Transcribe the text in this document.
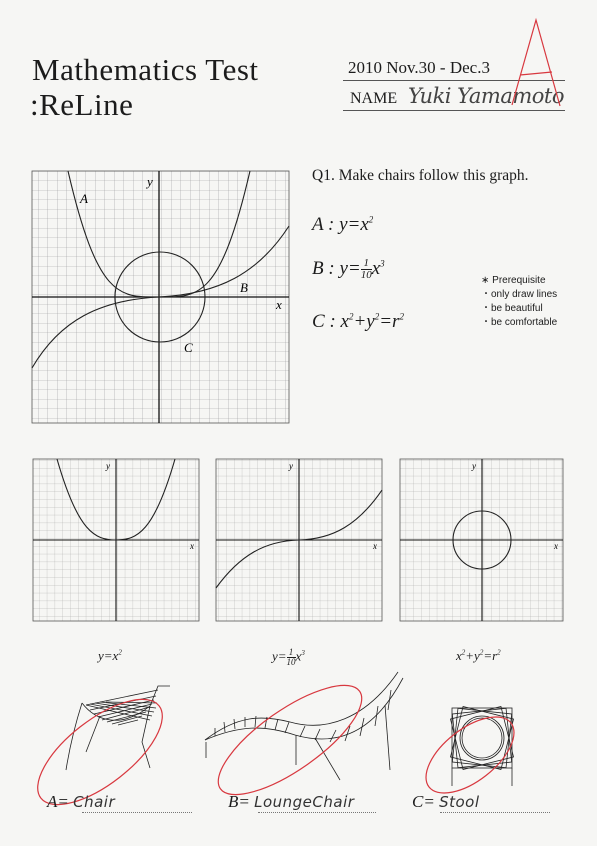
Mathematics Test
:ReLine
2010 Nov.30 - Dec.3
NAME Yuki Yamamoto
Q1. Make chairs follow this graph.
A : $y=x^2$
B : $y= \frac{1}{10} x^3$
C : $x^2+y^2=r^2$
∗ Prerequisite
・only draw lines
・be beautiful
・be comfortable
A
B
C
x
y
x
y
x
y
x
y
$y=x^2$	$y= \frac{1}{10} x^3$	$x^2+y^2=r^2$
A= Chair	B= LoungeChair	C= Stool
